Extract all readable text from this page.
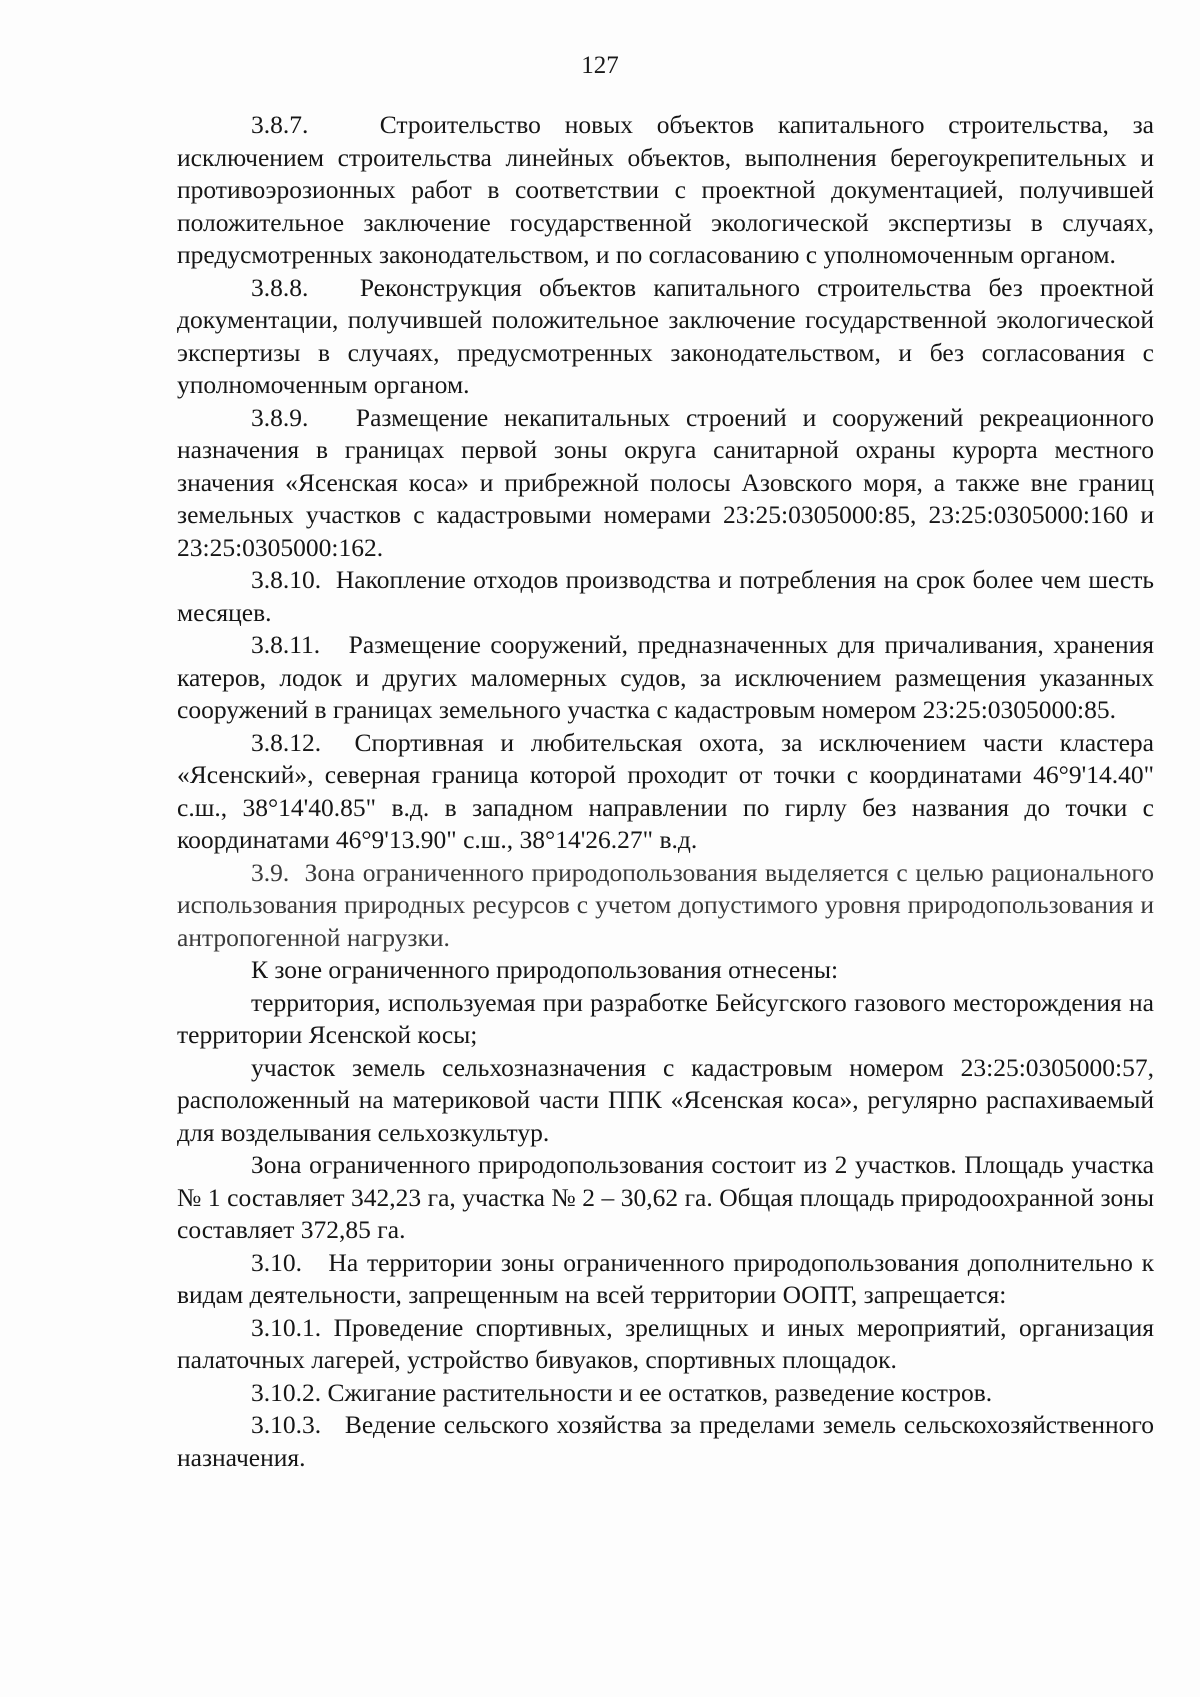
127

3.8.7.	Строительство новых объектов капитального строительства, за исключением строительства линейных объектов, выполнения берегоукрепительных и противоэрозионных работ в соответствии с проектной документацией, получившей положительное заключение государственной экологической экспертизы в случаях, предусмотренных законодательством, и по согласованию с уполномоченным органом.

3.8.8. Реконструкция объектов капитального строительства без проектной документации, получившей положительное заключение государственной экологической экспертизы в случаях, предусмотренных законодательством, и без согласования с уполномоченным органом.

3.8.9. Размещение некапитальных строений и сооружений рекреационного назначения в границах первой зоны округа санитарной охраны курорта местного значения «Ясенская коса» и прибрежной полосы Азовского моря, а также вне границ земельных участков с кадастровыми номерами 23:25:0305000:85, 23:25:0305000:160 и 23:25:0305000:162.

3.8.10. Накопление отходов производства и потребления на срок более чем шесть месяцев.

3.8.11. Размещение сооружений, предназначенных для причаливания, хранения катеров, лодок и других маломерных судов, за исключением размещения указанных сооружений в границах земельного участка с кадастровым номером 23:25:0305000:85.

3.8.12. Спортивная и любительская охота, за исключением части кластера «Ясенский», северная граница которой проходит от точки с координатами 46°9'14.40" с.ш., 38°14'40.85" в.д. в западном направлении по гирлу без названия до точки с координатами 46°9'13.90" с.ш., 38°14'26.27" в.д.

3.9. Зона ограниченного природопользования выделяется с целью рационального использования природных ресурсов с учетом допустимого уровня природопользования и антропогенной нагрузки.

К зоне ограниченного природопользования отнесены:

территория, используемая при разработке Бейсугского газового месторождения на территории Ясенской косы;

участок земель сельхозназначения с кадастровым номером 23:25:0305000:57, расположенный на материковой части ППК «Ясенская коса», регулярно распахиваемый для возделывания сельхозкультур.

Зона ограниченного природопользования состоит из 2 участков. Площадь участка № 1 составляет 342,23 га, участка № 2 – 30,62 га. Общая площадь природоохранной зоны составляет 372,85 га.

3.10. На территории зоны ограниченного природопользования дополнительно к видам деятельности, запрещенным на всей территории ООПТ, запрещается:

3.10.1. Проведение спортивных, зрелищных и иных мероприятий, организация палаточных лагерей, устройство бивуаков, спортивных площадок.

3.10.2. Сжигание растительности и ее остатков, разведение костров.

3.10.3. Ведение сельского хозяйства за пределами земель сельскохозяйственного назначения.
